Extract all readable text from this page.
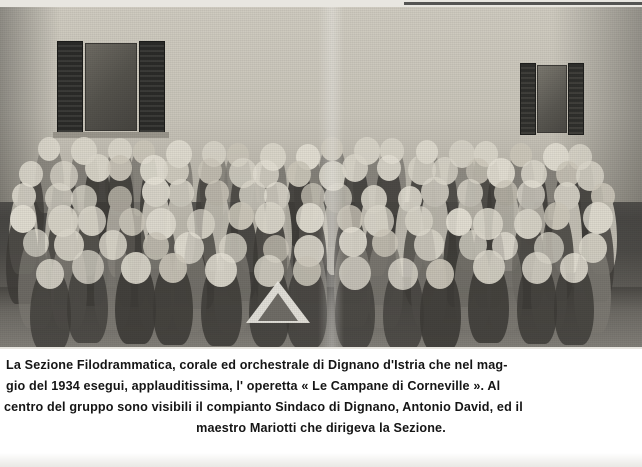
La Sezione Filodrammatica, corale ed orchestrale di Dignano d'Istria che nel mag-
gio del 1934 esegui, applauditissima, l' operetta « Le Campane di Corneville ». Al
centro del gruppo sono visibili il compianto Sindaco di Dignano, Antonio David, ed il
maestro Mariotti che dirigeva la Sezione.
